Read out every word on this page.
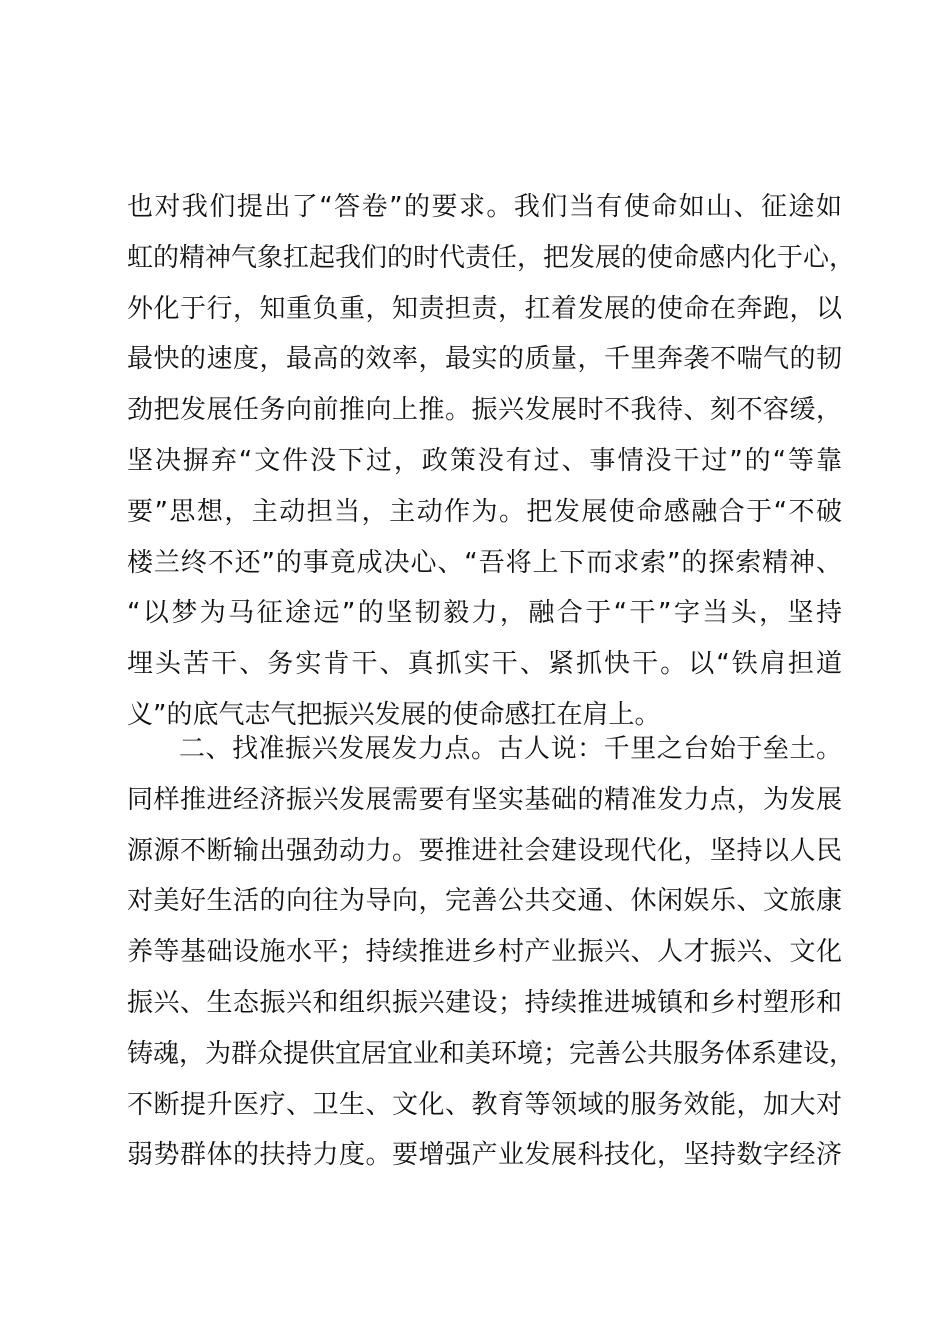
也对我们提出了“答卷”的要求。我们当有使命如山、征途如
虹的精神气象扛起我们的时代责任，把发展的使命感内化于心，
外化于行，知重负重，知责担责，扛着发展的使命在奔跑，以
最快的速度，最高的效率，最实的质量，千里奔袭不喘气的韧
劲把发展任务向前推向上推。振兴发展时不我待、刻不容缓，
坚决摒弃“文件没下过，政策没有过、事情没干过”的“等靠
要”思想，主动担当，主动作为。把发展使命感融合于“不破
楼兰终不还”的事竟成决心、“吾将上下而求索”的探索精神、
“以梦为马征途远”的坚韧毅力，融合于“干”字当头，坚持
埋头苦干、务实肯干、真抓实干、紧抓快干。以“铁肩担道
义”的底气志气把振兴发展的使命感扛在肩上。
二、找准振兴发展发力点。古人说：千里之台始于垒土。
同样推进经济振兴发展需要有坚实基础的精准发力点，为发展
源源不断输出强劲动力。要推进社会建设现代化，坚持以人民
对美好生活的向往为导向，完善公共交通、休闲娱乐、文旅康
养等基础设施水平；持续推进乡村产业振兴、人才振兴、文化
振兴、生态振兴和组织振兴建设；持续推进城镇和乡村塑形和
铸魂，为群众提供宜居宜业和美环境；完善公共服务体系建设，
不断提升医疗、卫生、文化、教育等领域的服务效能，加大对
弱势群体的扶持力度。要增强产业发展科技化，坚持数字经济
